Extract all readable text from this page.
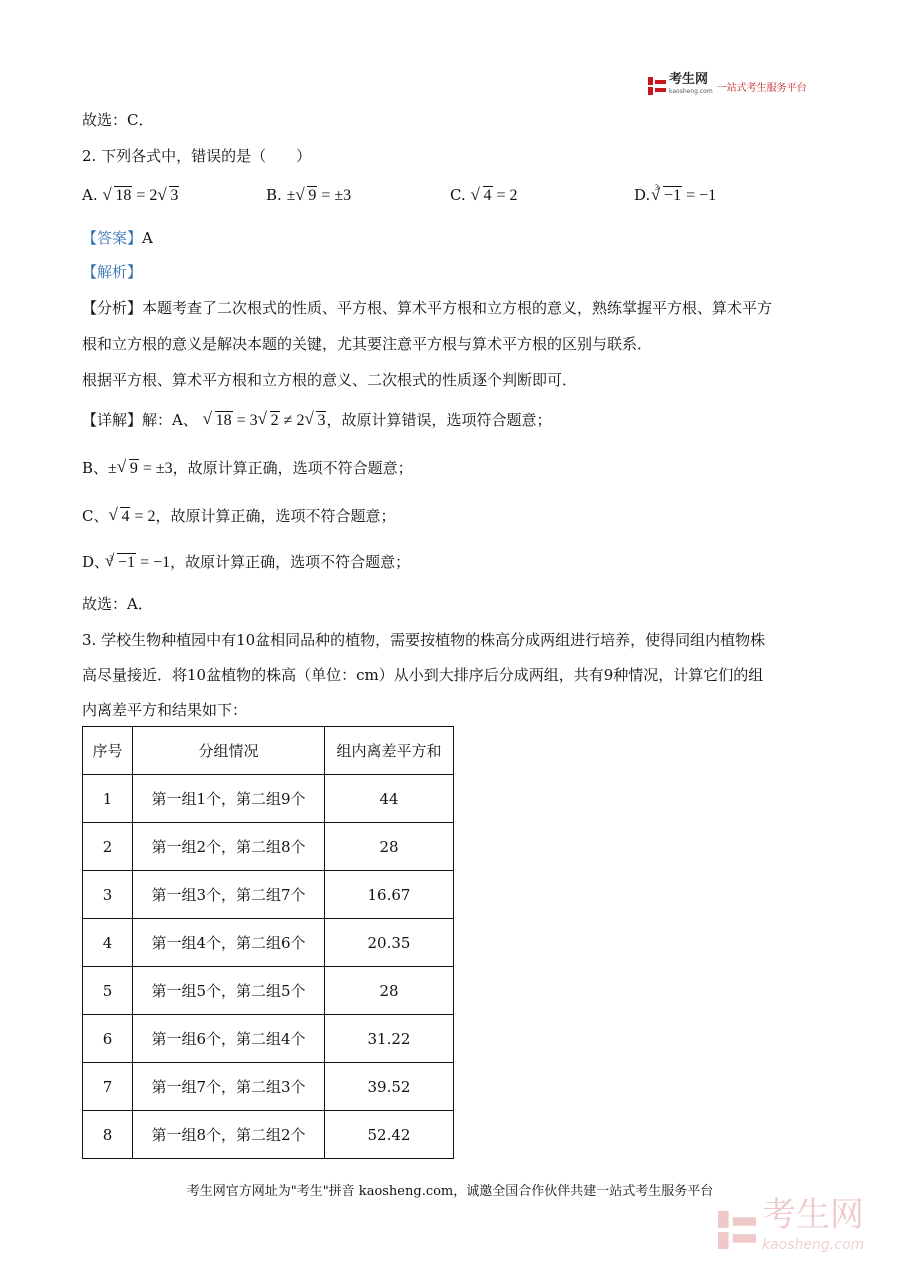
考生网
kaosheng.com 一站式考生服务平台
故选：C．
2. 下列各式中，错误的是（　　）
A. √ 18 = 2 √ 3	B. ± √ 9 = ±3	C. √ 4 = 2	D. $^3$ √ −1 = −1
【答案】A
【解析】
【分析】本题考查了二次根式的性质、平方根、算术平方根和立方根的意义，熟练掌握平方根、算术平方
根和立方根的意义是解决本题的关键，尤其要注意平方根与算术平方根的区别与联系．
根据平方根、算术平方根和立方根的意义、二次根式的性质逐个判断即可．
【详解】解：A、 √ 18 = 3 √ 2 ≠ 2 √ 3，故原计算错误，选项符合题意；
B、± √ 9 = ±3，故原计算正确，选项不符合题意；
C、 √ 4 = 2，故原计算正确，选项不符合题意；
D、$^3$ √ −1 = −1，故原计算正确，选项不符合题意；
故选：A．
3. 学校生物种植园中有10盆相同品种的植物，需要按植物的株高分成两组进行培养，使得同组内植物株
高尽量接近．将10盆植物的株高（单位：cm）从小到大排序后分成两组，共有9种情况，计算它们的组
内离差平方和结果如下：
序号	分组情况	组内离差平方和
1	第一组1个，第二组9个	44
2	第一组2个，第二组8个	28
3	第一组3个，第二组7个	16.67
4	第一组4个，第二组6个	20.35
5	第一组5个，第二组5个	28
6	第一组6个，第二组4个	31.22
7	第一组7个，第二组3个	39.52
8	第一组8个，第二组2个	52.42
考生网官方网址为"考生"拼音 kaosheng.com，诚邀全国合作伙伴共建一站式考生服务平台
考生网
kaosheng.com
